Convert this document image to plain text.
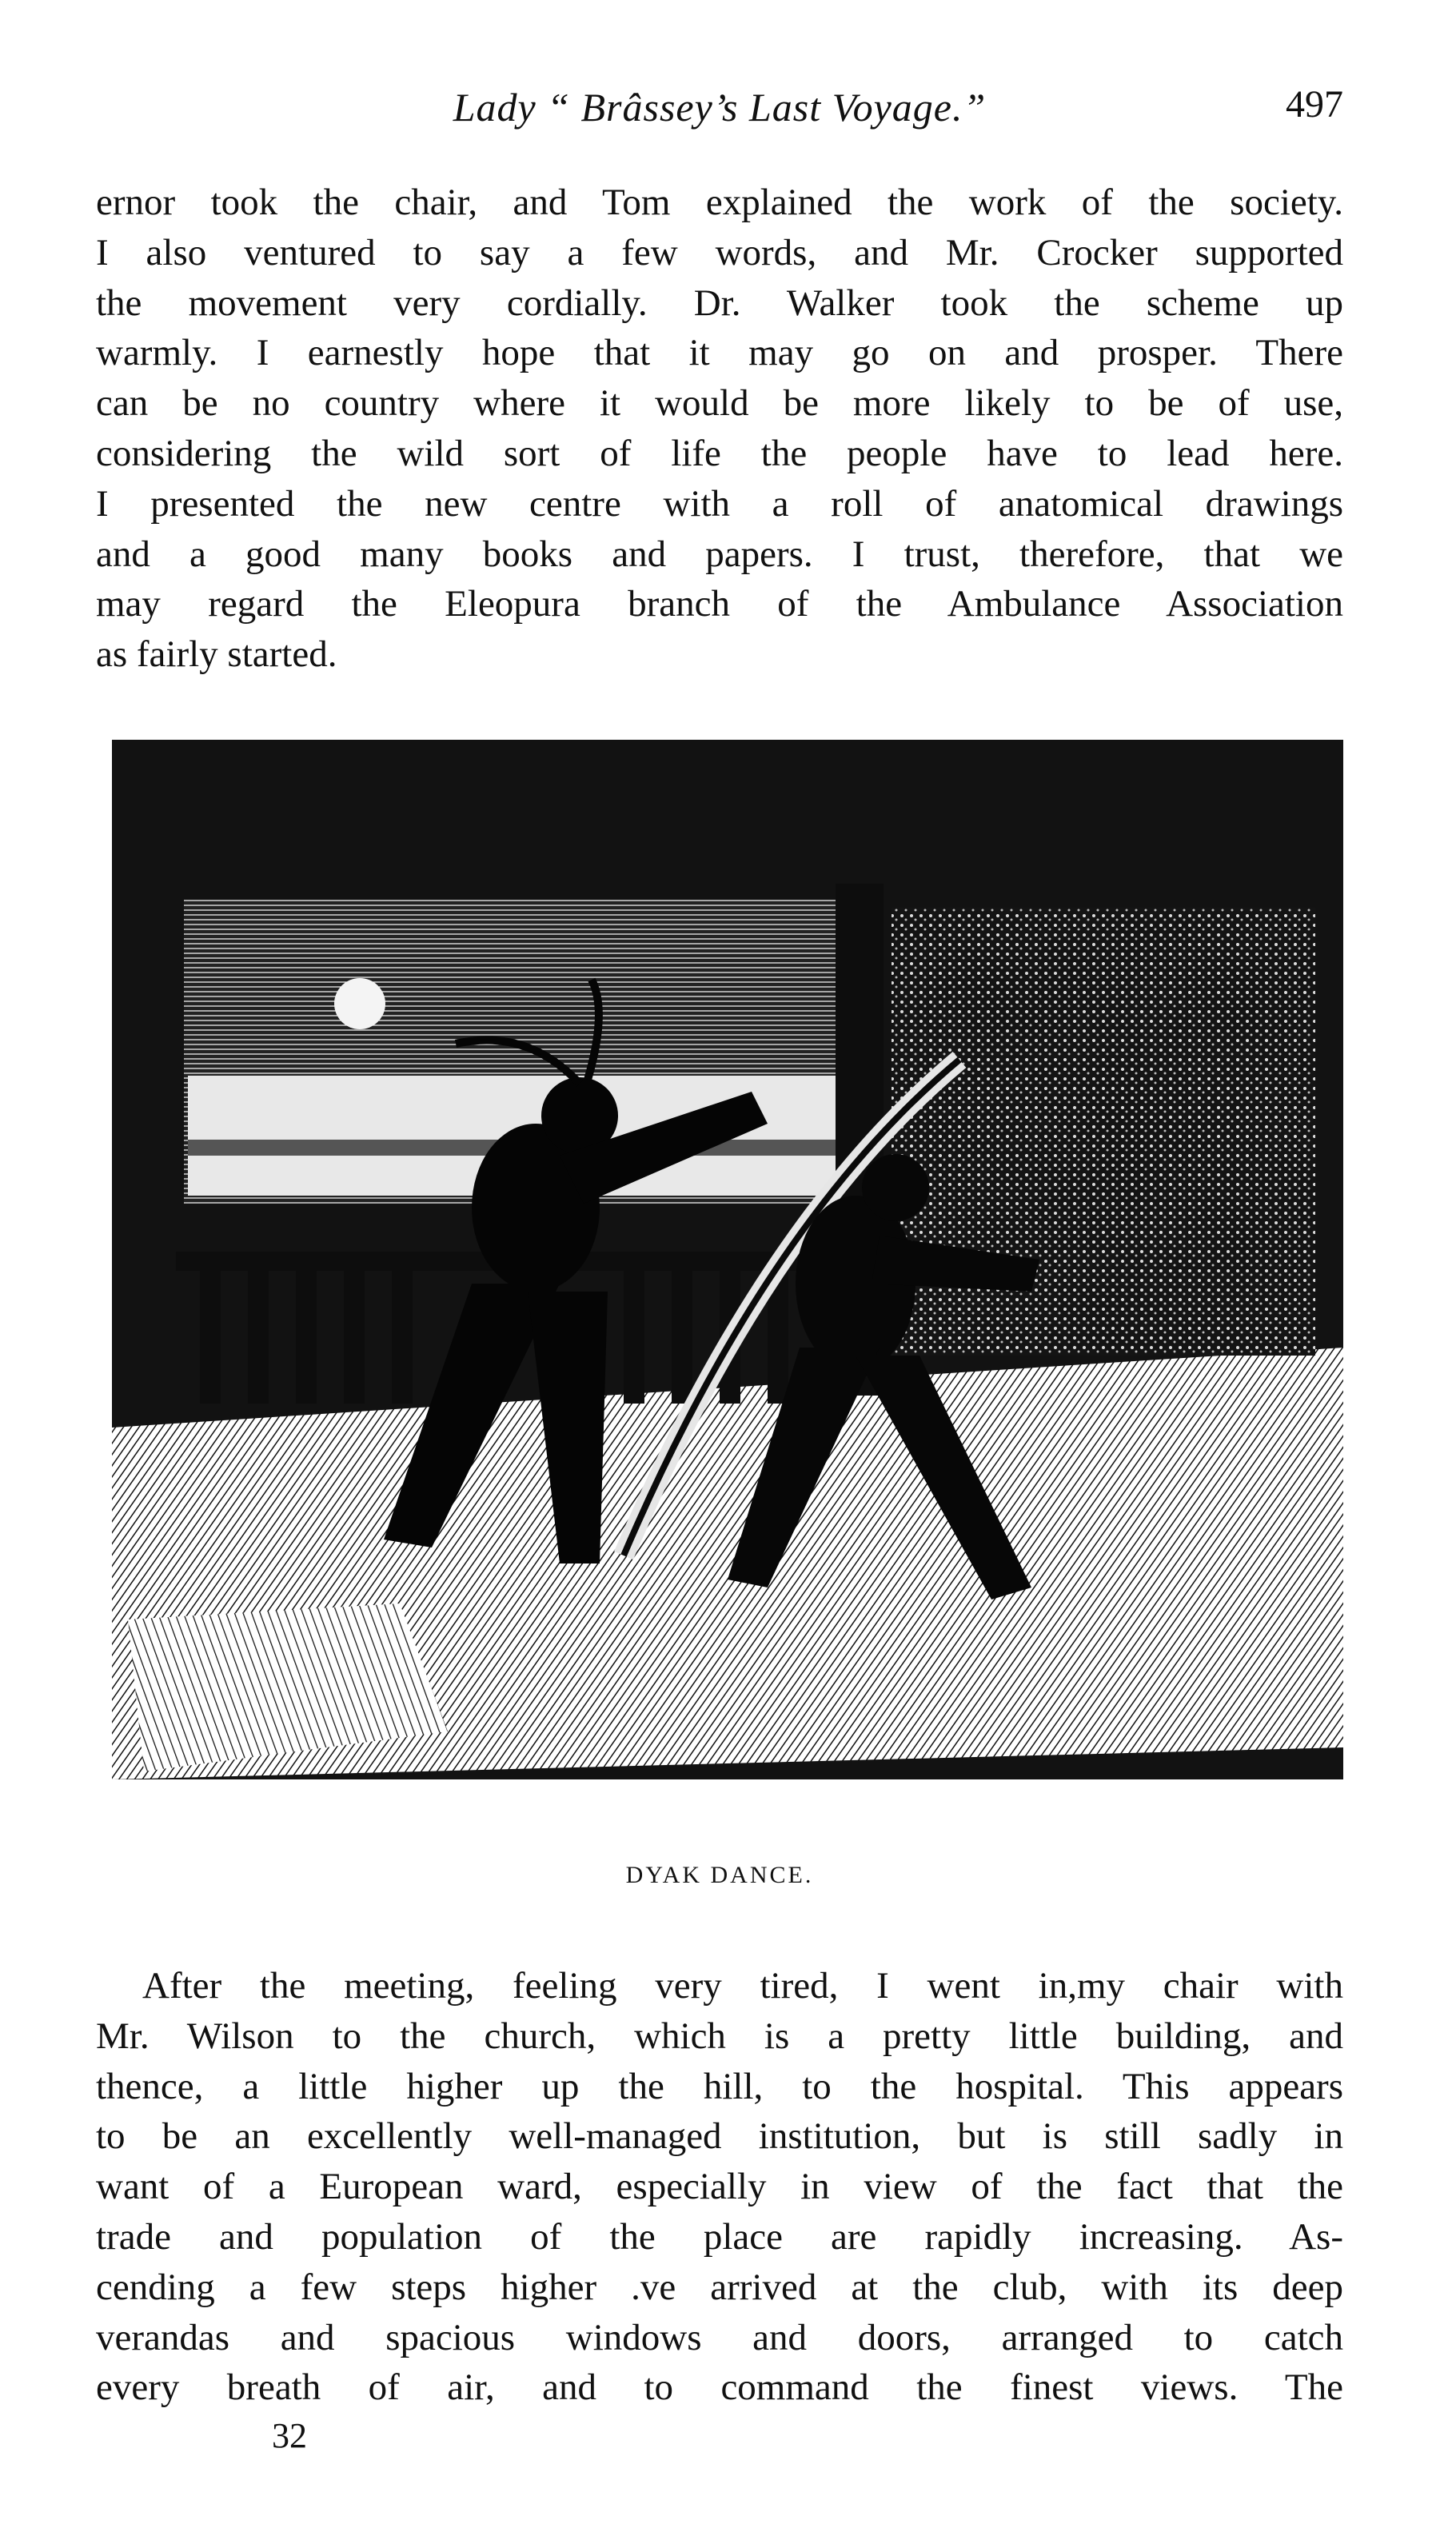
Lady “ Brâssey’s Last Voyage.”	497
ernor took the chair, and Tom explained the work of the society.
I also ventured to say a few words, and Mr. Crocker supported
the movement very cordially. Dr. Walker took the scheme up
warmly. I earnestly hope that it may go on and prosper. There
can be no country where it would be more likely to be of use,
considering the wild sort of life the people have to lead here.
I presented the new centre with a roll of anatomical drawings
and a good many books and papers. I trust, therefore, that we
may regard the Eleopura branch of the Ambulance Association
as fairly started.
DYAK DANCE.
After the meeting, feeling very tired, I went in,my chair with
Mr. Wilson to the church, which is a pretty little building, and
thence, a little higher up the hill, to the hospital. This appears
to be an excellently well-managed institution, but is still sadly in
want of a European ward, especially in view of the fact that the
trade and population of the place are rapidly increasing. As-
cending a few steps higher .ve arrived at the club, with its deep
verandas and spacious windows and doors, arranged to catch
every breath of air, and to command the finest views. The
32
